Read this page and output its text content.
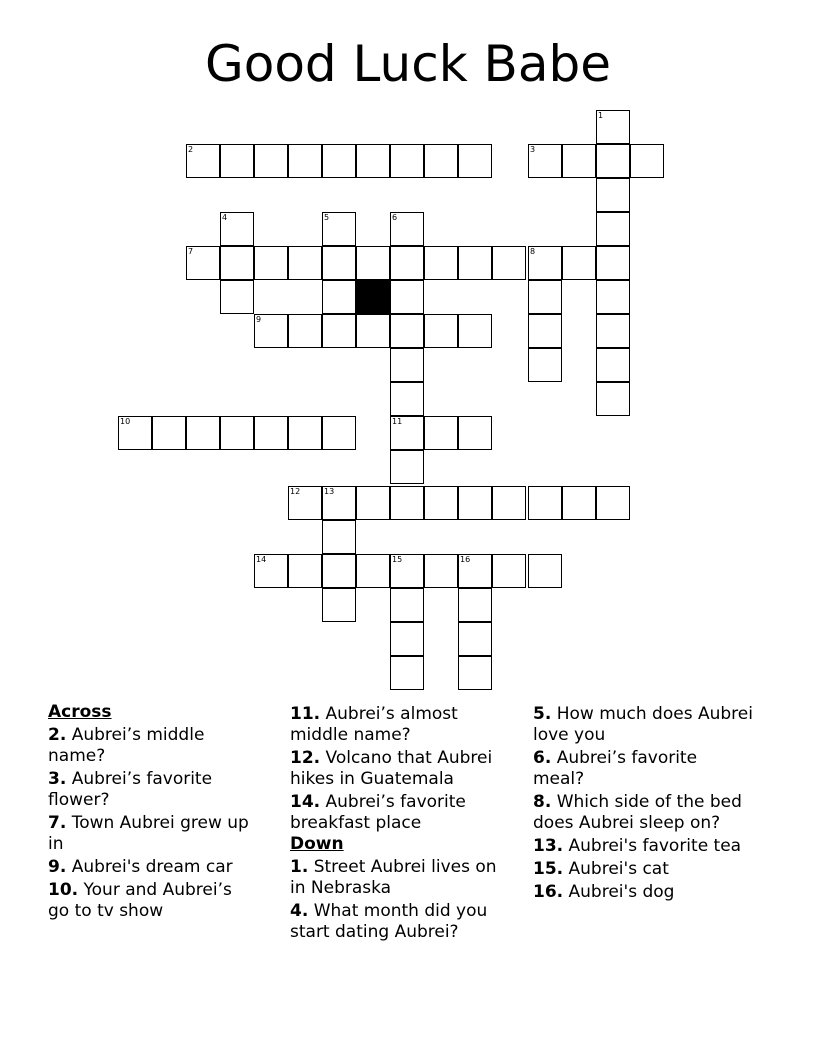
Good Luck Babe
1
2	3
4	5	6
7	8
9
10	11
12	13
14	15	16
Across
2. Aubrei’s middle name?
3. Aubrei’s favorite flower?
7. Town Aubrei grew up in
9. Aubrei's dream car
10. Your and Aubrei’s go to tv show
11. Aubrei’s almost middle name?
12. Volcano that Aubrei hikes in Guatemala
14. Aubrei’s favorite breakfast place
Down
1. Street Aubrei lives on in Nebraska
4. What month did you start dating Aubrei?
5. How much does Aubrei love you
6. Aubrei’s favorite meal?
8. Which side of the bed does Aubrei sleep on?
13. Aubrei's favorite tea
15. Aubrei's cat
16. Aubrei's dog
